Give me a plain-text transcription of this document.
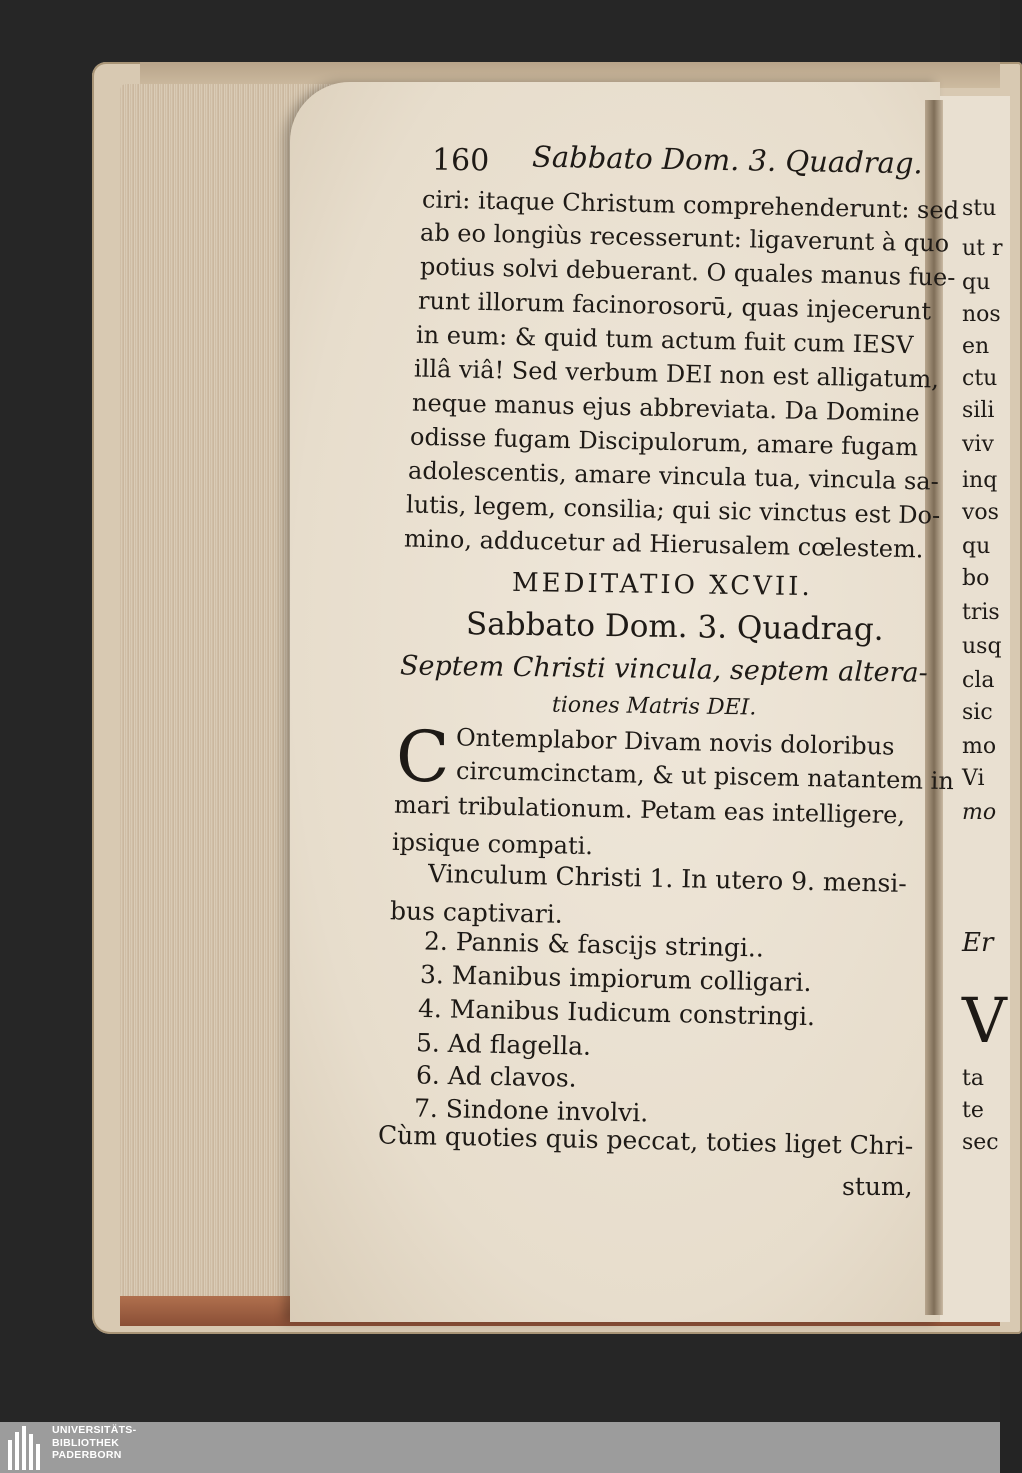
160 Sabbato Dom. 3. Quadrag.
ciri: itaque Christum comprehenderunt: sed
ab eo longiùs recesserunt: ligaverunt à quo
potius solvi debuerant. O quales manus fue-
runt illorum facinorosorū, quas injecerunt
in eum: & quid tum actum fuit cum IESV
illâ viâ! Sed verbum DEI non est alligatum,
neque manus ejus abbreviata. Da Domine
odisse fugam Discipulorum, amare fugam
adolescentis, amare vincula tua, vincula sa-
lutis, legem, consilia; qui sic vinctus est Do-
mino, adducetur ad Hierusalem cœlestem.
MEDITATIO XCVII.
Sabbato Dom. 3. Quadrag.
Septem Christi vincula, septem altera-
tiones Matris DEI.
C Ontemplabor Divam novis doloribus
circumcinctam, & ut piscem natantem in
mari tribulationum. Petam eas intelligere,
ipsique compati.
Vinculum Christi 1. In utero 9. mensi-
bus captivari.
2. Pannis & fascijs stringi..
3. Manibus impiorum colligari.
4. Manibus Iudicum constringi.
5. Ad flagella.
6. Ad clavos.
7. Sindone involvi.
Cùm quoties quis peccat, toties liget Chri-
stum,
stu
ut r
qu
nos
en
ctu
sili
viv
inq
vos
qu
bo
tris
usq
cla
sic
mo
Vi
mo
Er
V
ta
te
sec
UNIVERSITÄTS-
BIBLIOTHEK
PADERBORN
